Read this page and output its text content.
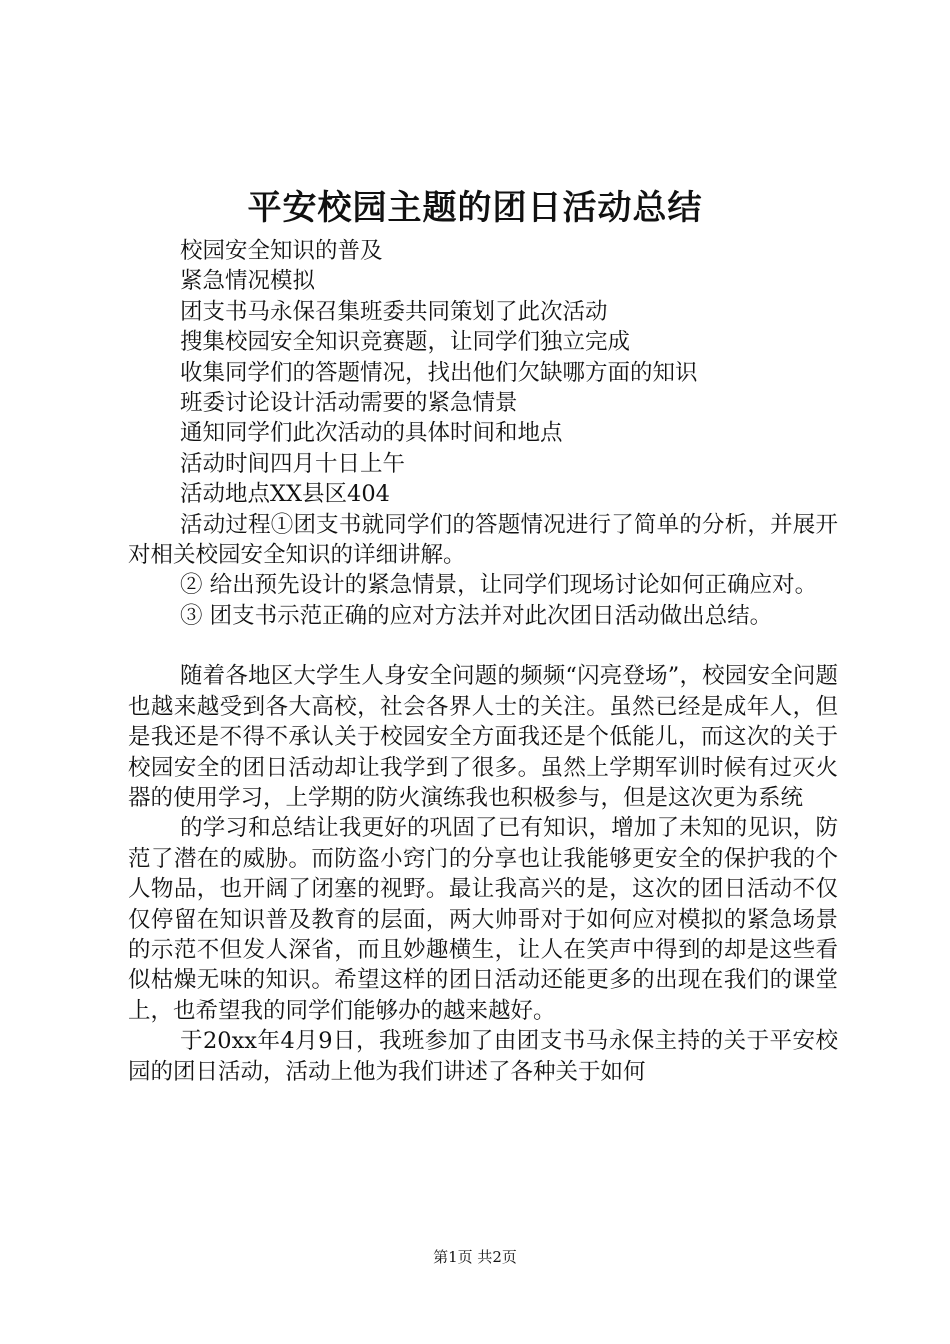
平安校园主题的团日活动总结

校园安全知识的普及

紧急情况模拟

团支书马永保召集班委共同策划了此次活动

搜集校园安全知识竞赛题，让同学们独立完成

收集同学们的答题情况，找出他们欠缺哪方面的知识

班委讨论设计活动需要的紧急情景

通知同学们此次活动的具体时间和地点

活动时间四月十日上午

活动地点XX县区404

活动过程①团支书就同学们的答题情况进行了简单的分析，并展开对相关校园安全知识的详细讲解。

② 给出预先设计的紧急情景，让同学们现场讨论如何正确应对。

③ 团支书示范正确的应对方法并对此次团日活动做出总结。

随着各地区大学生人身安全问题的频频“闪亮登场”，校园安全问题也越来越受到各大高校，社会各界人士的关注。虽然已经是成年人，但是我还是不得不承认关于校园安全方面我还是个低能儿，而这次的关于校园安全的团日活动却让我学到了很多。虽然上学期军训时候有过灭火器的使用学习，上学期的防火演练我也积极参与，但是这次更为系统

的学习和总结让我更好的巩固了已有知识，增加了未知的见识，防范了潜在的威胁。而防盗小窍门的分享也让我能够更安全的保护我的个人物品，也开阔了闭塞的视野。最让我高兴的是，这次的团日活动不仅仅停留在知识普及教育的层面，两大帅哥对于如何应对模拟的紧急场景的示范不但发人深省，而且妙趣横生，让人在笑声中得到的却是这些看似枯燥无味的知识。希望这样的团日活动还能更多的出现在我们的课堂上，也希望我的同学们能够办的越来越好。

于20xx年4月9日，我班参加了由团支书马永保主持的关于平安校园的团日活动，活动上他为我们讲述了各种关于如何

第1页 共2页
